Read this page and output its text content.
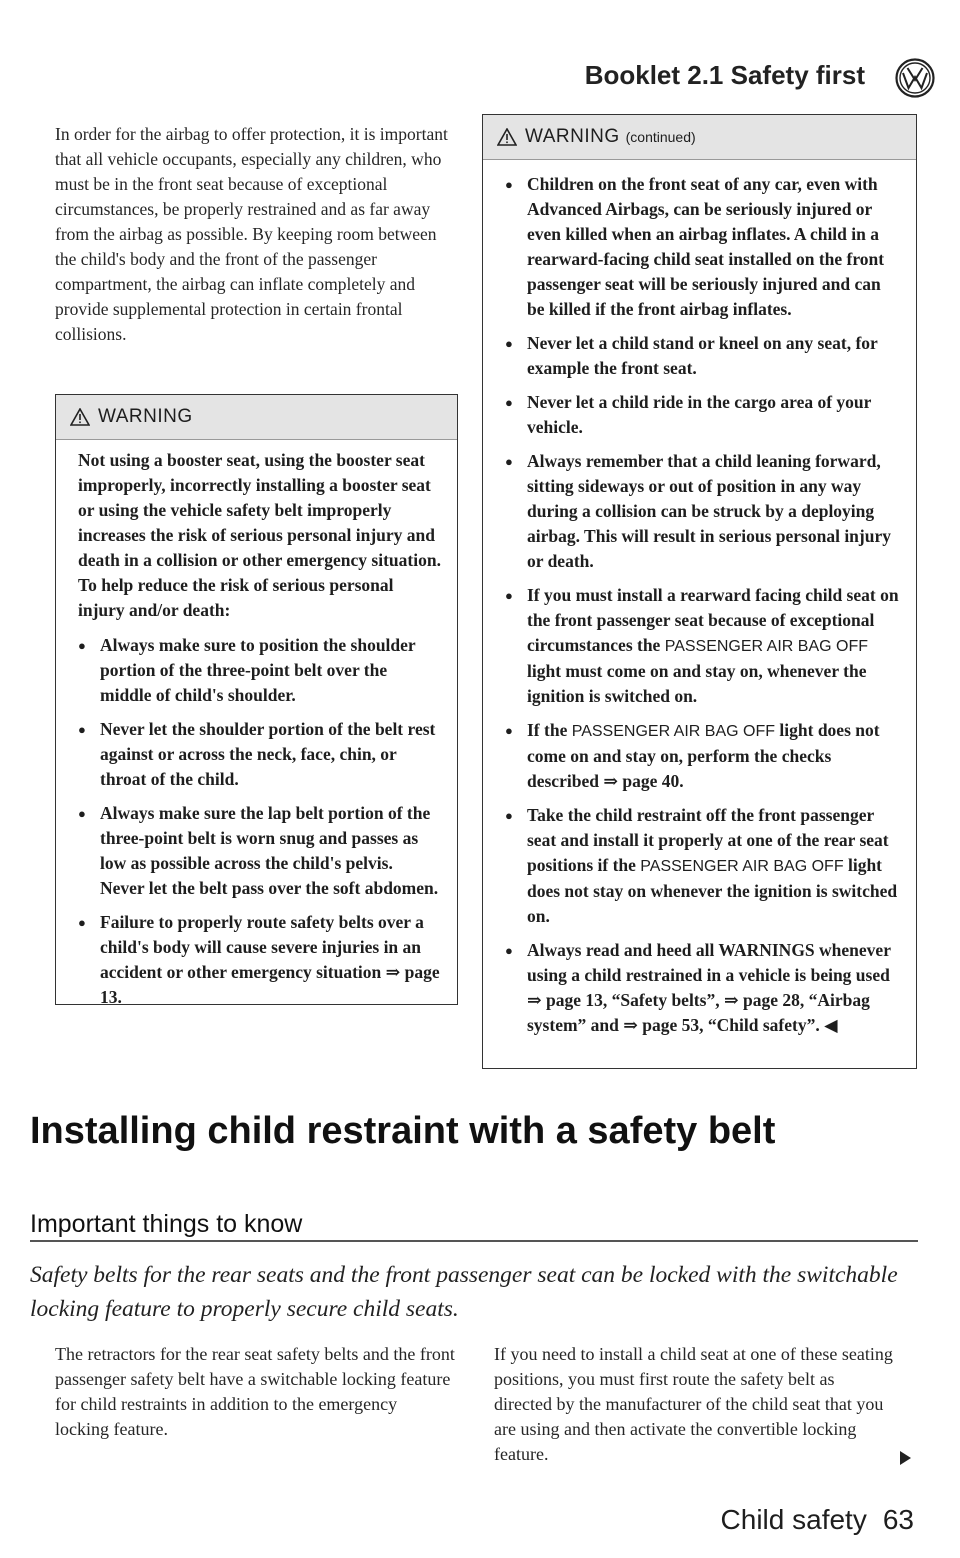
Booklet 2.1 Safety first

In order for the airbag to offer protection, it is important that all vehicle occupants, especially any children, who must be in the front seat because of exceptional circumstances, be properly restrained and as far away from the airbag as possible. By keeping room between the child's body and the front of the passenger compartment, the airbag can inflate completely and provide supplemental protection in certain frontal collisions.

WARNING

Not using a booster seat, using the booster seat improperly, incorrectly installing a booster seat or using the vehicle safety belt improperly increases the risk of serious personal injury and death in a collision or other emergency situation. To help reduce the risk of serious personal injury and/or death:

● Always make sure to position the shoulder portion of the three-point belt over the middle of child's shoulder.
● Never let the shoulder portion of the belt rest against or across the neck, face, chin, or throat of the child.
● Always make sure the lap belt portion of the three-point belt is worn snug and passes as low as possible across the child's pelvis. Never let the belt pass over the soft abdomen.
● Failure to properly route safety belts over a child's body will cause severe injuries in an accident or other emergency situation ⇒ page 13.
WARNING (continued)
● Children on the front seat of any car, even with Advanced Airbags, can be seriously injured or even killed when an airbag inflates. A child in a rearward-facing child seat installed on the front passenger seat will be seriously injured and can be killed if the front airbag inflates.
● Never let a child stand or kneel on any seat, for example the front seat.
● Never let a child ride in the cargo area of your vehicle.
● Always remember that a child leaning forward, sitting sideways or out of position in any way during a collision can be struck by a deploying airbag. This will result in serious personal injury or death.
● If you must install a rearward facing child seat on the front passenger seat because of exceptional circumstances the PASSENGER AIR BAG OFF light must come on and stay on, whenever the ignition is switched on.
● If the PASSENGER AIR BAG OFF light does not come on and stay on, perform the checks described ⇒ page 40.
● Take the child restraint off the front passenger seat and install it properly at one of the rear seat positions if the PASSENGER AIR BAG OFF light does not stay on whenever the ignition is switched on.
● Always read and heed all WARNINGS whenever using a child restrained in a vehicle is being used ⇒ page 13, “Safety belts”, ⇒ page 28, “Airbag system” and ⇒ page 53, “Child safety”. ◀
Installing child restraint with a safety belt
Important things to know
Safety belts for the rear seats and the front passenger seat can be locked with the switchable locking feature to properly secure child seats.

The retractors for the rear seat safety belts and the front passenger safety belt have a switchable locking feature for child restraints in addition to the emergency locking feature.

If you need to install a child seat at one of these seating positions, you must first route the safety belt as directed by the manufacturer of the child seat that you are using and then activate the convertible locking feature.

Child safety 63
